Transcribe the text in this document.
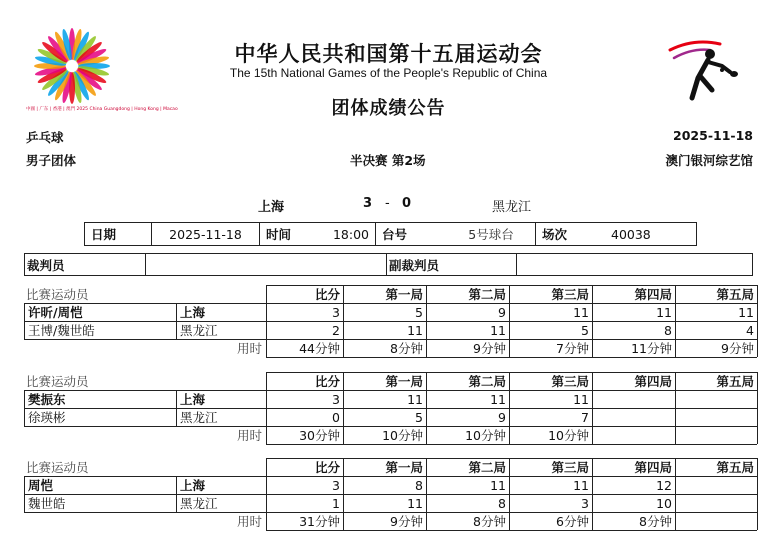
中國 | 广东 | 香港 | 澳門 2025 China Guangdong | Hong Kong | Macao
中华人民共和国第十五届运动会
The 15th National Games of the People's Republic of China
团体成绩公告
乒乓球	2025-11-18
男子团体	半决赛 第2场	澳门银河综艺馆
上海	3 - 0	黑龙江
日期	2025-11-18	时间	18:00	台号	5号球台	场次	40038
裁判员	副裁判员
比赛运动员	比分	第一局	第二局	第三局	第四局	第五局
许昕/周恺	上海	3	5	9	11	11	11
王博/魏世皓	黑龙江	2	11	11	5	8	4
用时	44分钟	8分钟	9分钟	7分钟	11分钟	9分钟
比赛运动员	比分	第一局	第二局	第三局	第四局	第五局
樊振东	上海	3	11	11	11
徐瑛彬	黑龙江	0	5	9	7
用时	30分钟	10分钟	10分钟	10分钟
比赛运动员	比分	第一局	第二局	第三局	第四局	第五局
周恺	上海	3	8	11	11	12
魏世皓	黑龙江	1	11	8	3	10
用时	31分钟	9分钟	8分钟	6分钟	8分钟
